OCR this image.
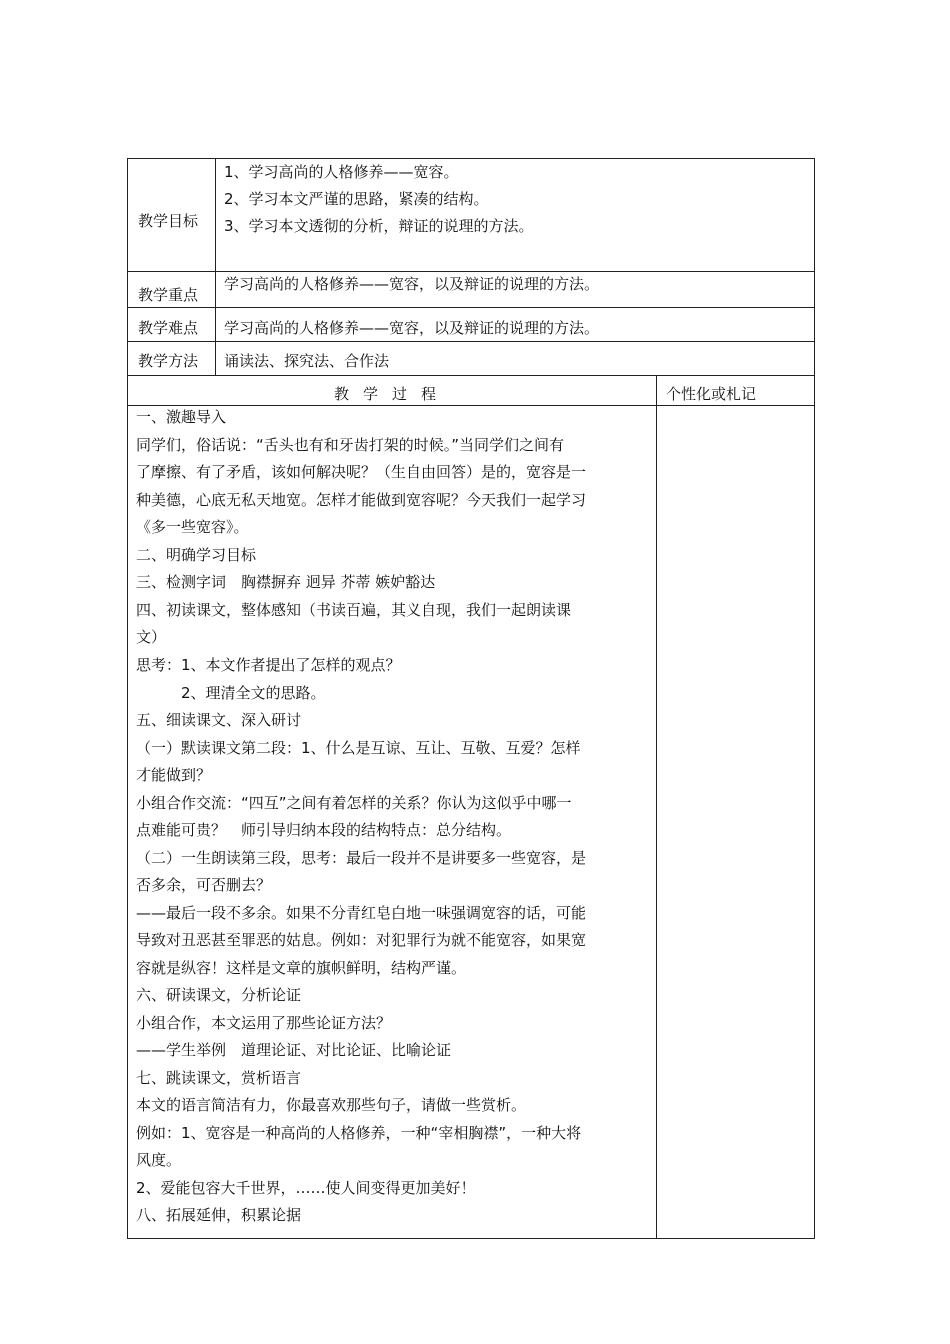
教学目标
1、学习高尚的人格修养——宽容。
2、学习本文严谨的思路，紧凑的结构。
3、学习本文透彻的分析，辩证的说理的方法。
教学重点
学习高尚的人格修养——宽容，以及辩证的说理的方法。
教学难点 学习高尚的人格修养——宽容，以及辩证的说理的方法。
教学方法 诵读法、探究法、合作法
教学过程	个性化或札记
一、激趣导入
同学们，俗话说：“舌头也有和牙齿打架的时候。”当同学们之间有
了摩擦、有了矛盾，该如何解决呢？（生自由回答）是的，宽容是一
种美德，心底无私天地宽。怎样才能做到宽容呢？今天我们一起学习
《多一些宽容》。
二、明确学习目标
三、检测字词　胸襟摒弃 迥异 芥蒂 嫉妒豁达
四、初读课文，整体感知（书读百遍，其义自现，我们一起朗读课
文）
思考：1、本文作者提出了怎样的观点？
　　　2、理清全文的思路。
五、细读课文、深入研讨
（一）默读课文第二段：1、什么是互谅、互让、互敬、互爱？怎样
才能做到？
小组合作交流：“四互”之间有着怎样的关系？你认为这似乎中哪一
点难能可贵？　师引导归纳本段的结构特点：总分结构。
（二）一生朗读第三段，思考：最后一段并不是讲要多一些宽容，是
否多余，可否删去？
——最后一段不多余。如果不分青红皂白地一味强调宽容的话，可能
导致对丑恶甚至罪恶的姑息。例如：对犯罪行为就不能宽容，如果宽
容就是纵容！这样是文章的旗帜鲜明，结构严谨。
六、研读课文，分析论证
小组合作，本文运用了那些论证方法？
——学生举例　道理论证、对比论证、比喻论证
七、跳读课文，赏析语言
本文的语言简洁有力，你最喜欢那些句子，请做一些赏析。
例如：1、宽容是一种高尚的人格修养，一种“宰相胸襟”，一种大将
风度。
2、爱能包容大千世界，……使人间变得更加美好！
八、拓展延伸，积累论据
